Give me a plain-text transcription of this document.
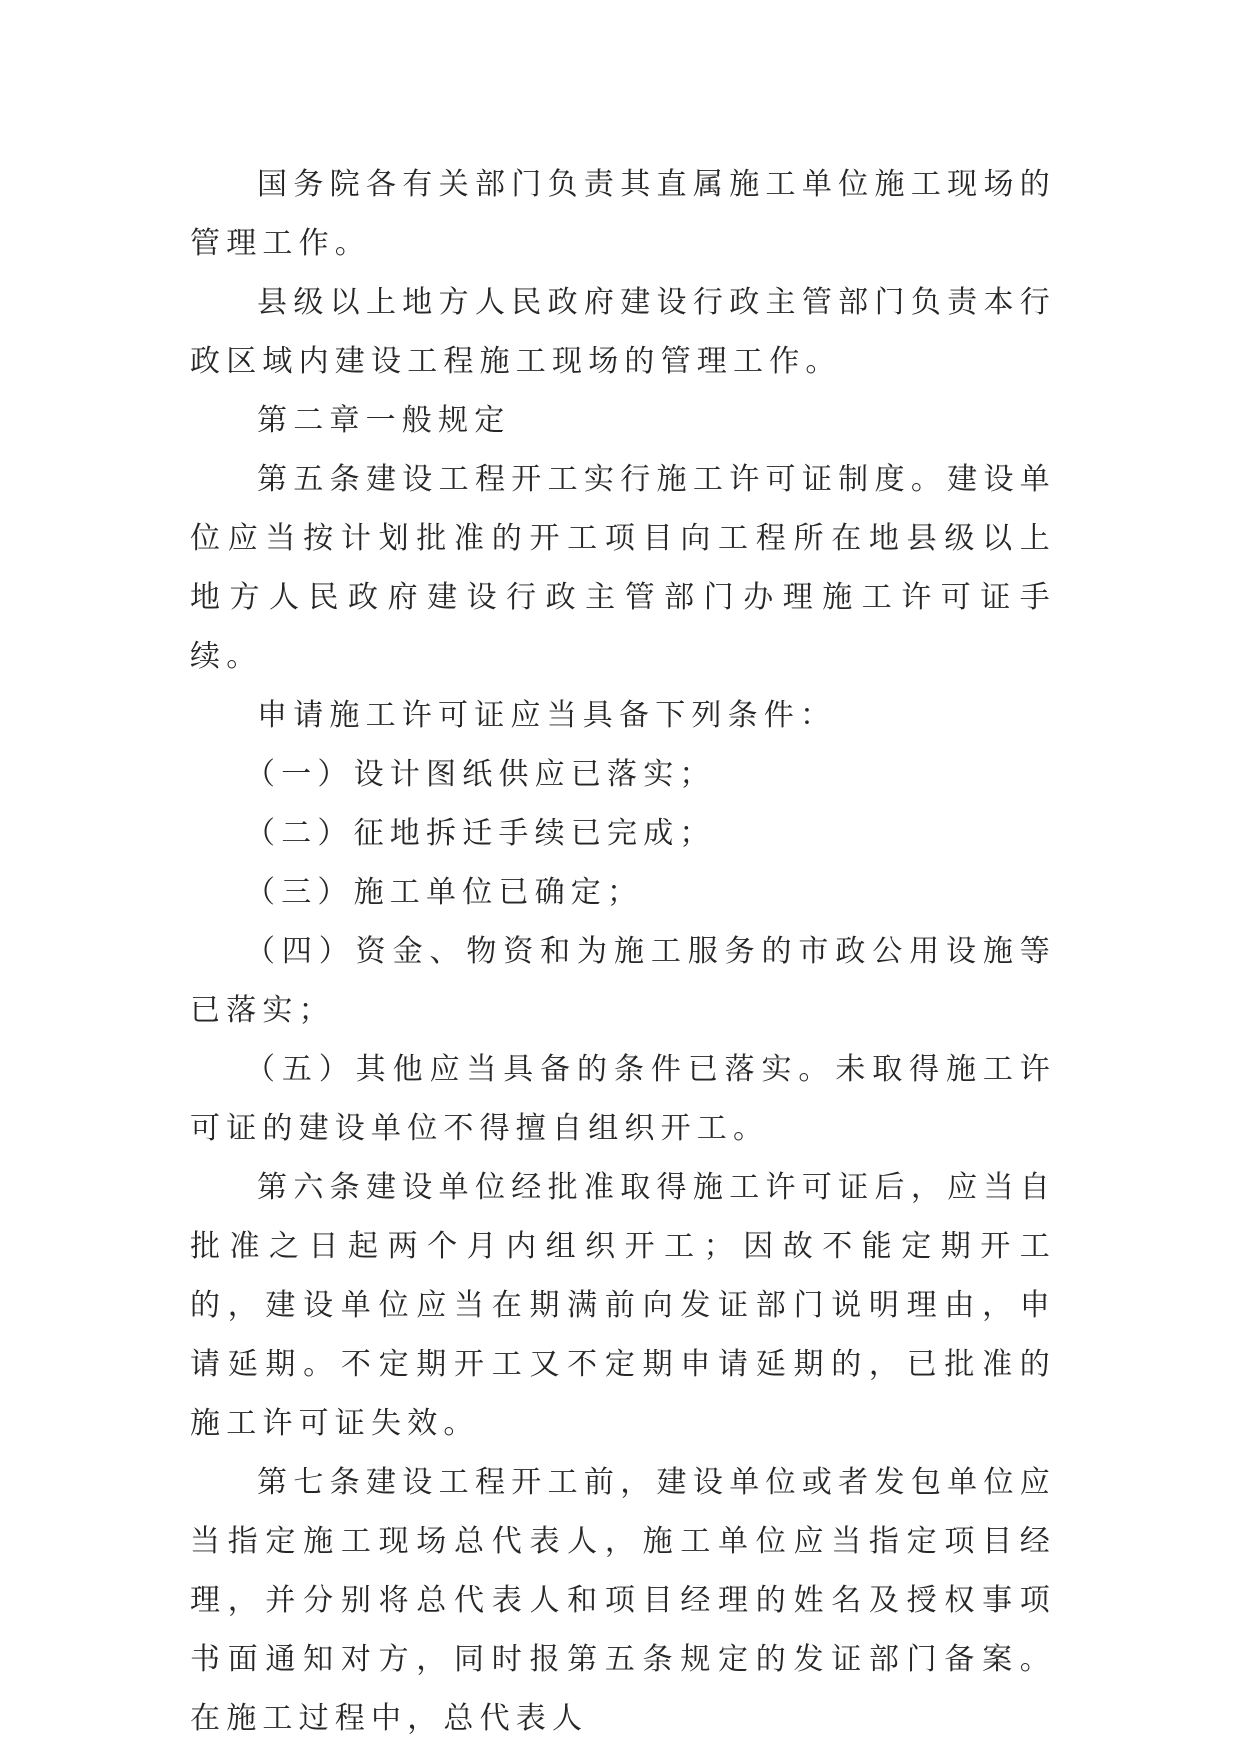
国务院各有关部门负责其直属施工单位施工现场的管理工作。

县级以上地方人民政府建设行政主管部门负责本行政区域内建设工程施工现场的管理工作。

第二章一般规定

第五条建设工程开工实行施工许可证制度。建设单位应当按计划批准的开工项目向工程所在地县级以上地方人民政府建设行政主管部门办理施工许可证手续。

申请施工许可证应当具备下列条件：

（一）设计图纸供应已落实；

（二）征地拆迁手续已完成；

（三）施工单位已确定；

（四）资金、物资和为施工服务的市政公用设施等已落实；

（五）其他应当具备的条件已落实。未取得施工许可证的建设单位不得擅自组织开工。

第六条建设单位经批准取得施工许可证后，应当自批准之日起两个月内组织开工；因故不能定期开工的，建设单位应当在期满前向发证部门说明理由，申请延期。不定期开工又不定期申请延期的，已批准的施工许可证失效。

第七条建设工程开工前，建设单位或者发包单位应当指定施工现场总代表人，施工单位应当指定项目经理，并分别将总代表人和项目经理的姓名及授权事项书面通知对方，同时报第五条规定的发证部门备案。在施工过程中，总代表人
